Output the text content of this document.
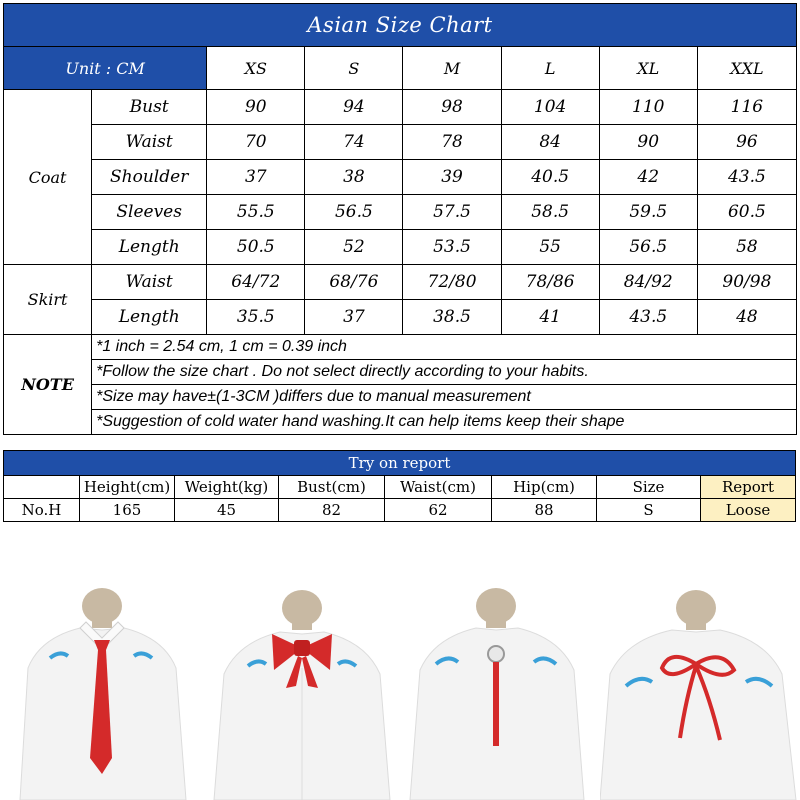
Asian Size Chart							
Unit : CM		XS	S	M	L	XL	XXL
Coat	Bust	90	94	98	104	110	116
	Waist	70	74	78	84	90	96
	Shoulder	37	38	39	40.5	42	43.5
	Sleeves	55.5	56.5	57.5	58.5	59.5	60.5
	Length	50.5	52	53.5	55	56.5	58
Skirt	Waist	64/72	68/76	72/80	78/86	84/92	90/98
	Length	35.5	37	38.5	41	43.5	48
NOTE	*1 inch = 2.54 cm, 1 cm = 0.39 inch						
	*Follow the size chart . Do not select directly according to your habits.						
	*Size may have±(1-3CM )differs due to manual measurement						
	*Suggestion of cold water hand washing.It can help items keep their shape						
Try on report							
	Height(cm)	Weight(kg)	Bust(cm)	Waist(cm)	Hip(cm)	Size	Report
No.H	165	45	82	62	88	S	Loose
